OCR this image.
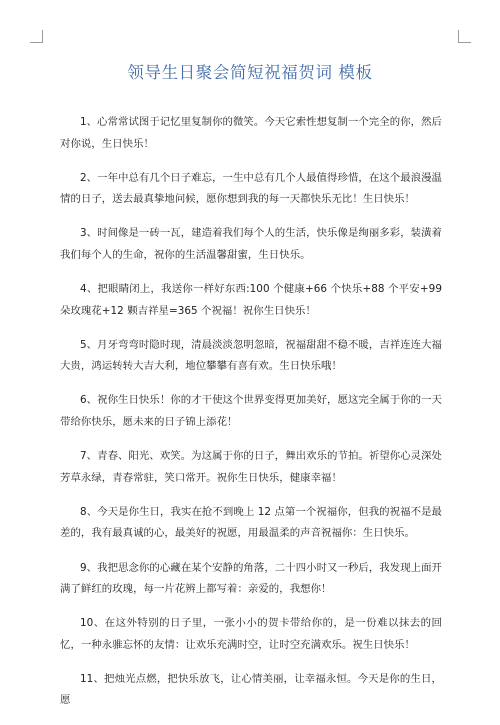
领导生日聚会简短祝福贺词 模板

1、心常常试图于记忆里复制你的微笑。今天它索性想复制一个完全的你，然后对你说，生日快乐！

2、一年中总有几个日子难忘，一生中总有几个人最值得珍惜，在这个最浪漫温情的日子，送去最真挚地问候，愿你想到我的每一天都快乐无比！生日快乐！

3、时间像是一砖一瓦，建造着我们每个人的生活，快乐像是绚丽多彩，装潢着我们每个人的生命，祝你的生活温馨甜蜜，生日快乐。

4、把眼睛闭上，我送你一样好东西:100 个健康+66 个快乐+88 个平安+99 朵玫瑰花+12 颗吉祥星=365 个祝福！祝你生日快乐！

5、月牙弯弯时隐时现，清晨淡淡忽明忽暗，祝福甜甜不稳不暖，吉祥连连大福大贵，鸿运转转大吉大利，地位攀攀有喜有欢。生日快乐哦！

6、祝你生日快乐！你的才干使这个世界变得更加美好，愿这完全属于你的一天带给你快乐，愿未来的日子锦上添花！

7、青春、阳光、欢笑。为这属于你的日子，舞出欢乐的节拍。祈望你心灵深处芳草永绿，青春常驻，笑口常开。祝你生日快乐，健康幸福！

8、今天是你生日，我实在抢不到晚上 12 点第一个祝福你，但我的祝福不是最差的，我有最真诚的心，最美好的祝愿，用最温柔的声音祝福你：生日快乐。

9、我把思念你的心藏在某个安静的角落，二十四小时又一秒后，我发现上面开满了鲜红的玫瑰，每一片花辨上都写着：亲爱的，我想你！

10、在这外特别的日子里，一张小小的贺卡带给你的，是一份难以抹去的回忆，一种永骓忘怀的友情：让欢乐充满时空，让时空充满欢乐。祝生日快乐！

11、把烛光点燃，把快乐放飞，让心情美丽，让幸福永恒。今天是你的生日，愿
